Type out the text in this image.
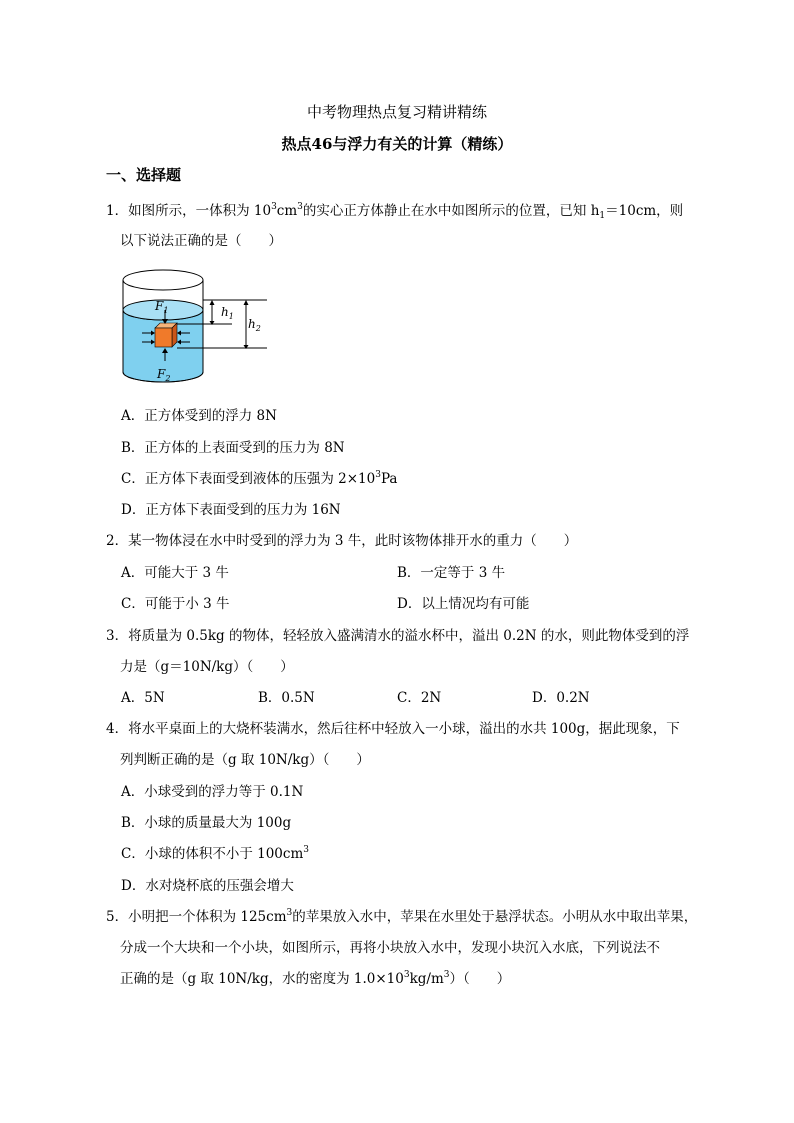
中考物理热点复习精讲精练
热点46与浮力有关的计算（精练）
一、选择题
1．如图所示，一体积为 $10^3cm^3$的实心正方体静止在水中如图所示的位置，已知 $h_1=10cm$，则
以下说法正确的是（　　）
$F_1$
$F_2$
$h_1$
$h_2$
A．正方体受到的浮力 8N
B．正方体的上表面受到的压力为 8N
C．正方体下表面受到液体的压强为 $2\times 10^3Pa$
D．正方体下表面受到的压力为 16N
2．某一物体浸在水中时受到的浮力为 3 牛，此时该物体排开水的重力（　　）
A．可能大于 3 牛	B．一定等于 3 牛
C．可能于小 3 牛	D．以上情况均有可能
3．将质量为 0.5kg 的物体，轻轻放入盛满清水的溢水杯中，溢出 0.2N 的水，则此物体受到的浮
力是（g＝10N/kg）（　　）
A．5N	B．0.5N	C．2N	D．0.2N
4．将水平桌面上的大烧杯装满水，然后往杯中轻放入一小球，溢出的水共 100g，据此现象，下
列判断正确的是（g 取 10N/kg）（　　）
A．小球受到的浮力等于 0.1N
B．小球的质量最大为 100g
C．小球的体积不小于 $100cm^3$
D．水对烧杯底的压强会增大
5．小明把一个体积为 $125cm^3$的苹果放入水中，苹果在水里处于悬浮状态。小明从水中取出苹果，
分成一个大块和一个小块，如图所示，再将小块放入水中，发现小块沉入水底，下列说法不
正确的是（g 取 10N/kg，水的密度为 $1.0\times 10^3kg/m^3$）（　　）
